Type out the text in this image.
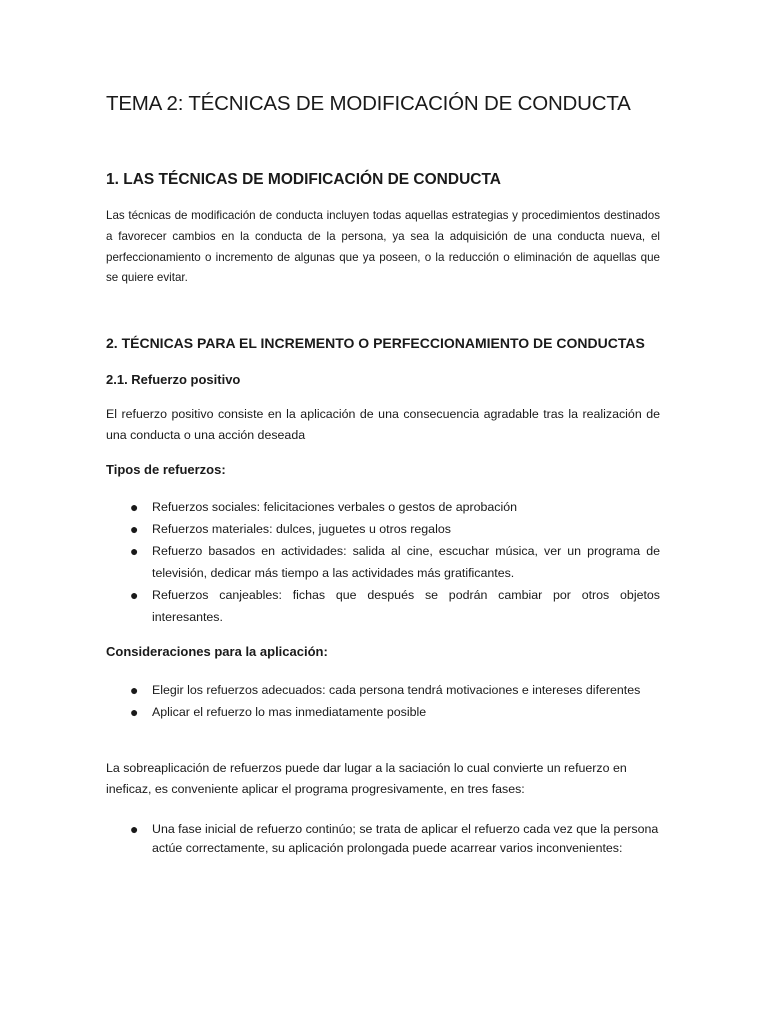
TEMA 2: TÉCNICAS DE MODIFICACIÓN DE CONDUCTA
1. LAS TÉCNICAS DE MODIFICACIÓN DE CONDUCTA

Las técnicas de modificación de conducta incluyen todas aquellas estrategias y procedimientos destinados a favorecer cambios en la conducta de la persona, ya sea la adquisición de una conducta nueva, el perfeccionamiento o incremento de algunas que ya poseen, o la reducción o eliminación de aquellas que se quiere evitar.

2. TÉCNICAS PARA EL INCREMENTO O PERFECCIONAMIENTO DE CONDUCTAS
2.1. Refuerzo positivo

El refuerzo positivo consiste en la aplicación de una consecuencia agradable tras la realización de una conducta o una acción deseada

Tipos de refuerzos:
● Refuerzos sociales: felicitaciones verbales o gestos de aprobación
● Refuerzos materiales: dulces, juguetes u otros regalos
● Refuerzo basados en actividades: salida al cine, escuchar música, ver un programa de televisión, dedicar más tiempo a las actividades más gratificantes.
● Refuerzos canjeables: fichas que después se podrán cambiar por otros objetos interesantes.
Consideraciones para la aplicación:
● Elegir los refuerzos adecuados: cada persona tendrá motivaciones e intereses diferentes
● Aplicar el refuerzo lo mas inmediatamente posible

La sobreaplicación de refuerzos puede dar lugar a la saciación lo cual convierte un refuerzo en ineficaz, es conveniente aplicar el programa progresivamente, en tres fases:

● Una fase inicial de refuerzo continúo; se trata de aplicar el refuerzo cada vez que la persona actúe correctamente, su aplicación prolongada puede acarrear varios inconvenientes:
